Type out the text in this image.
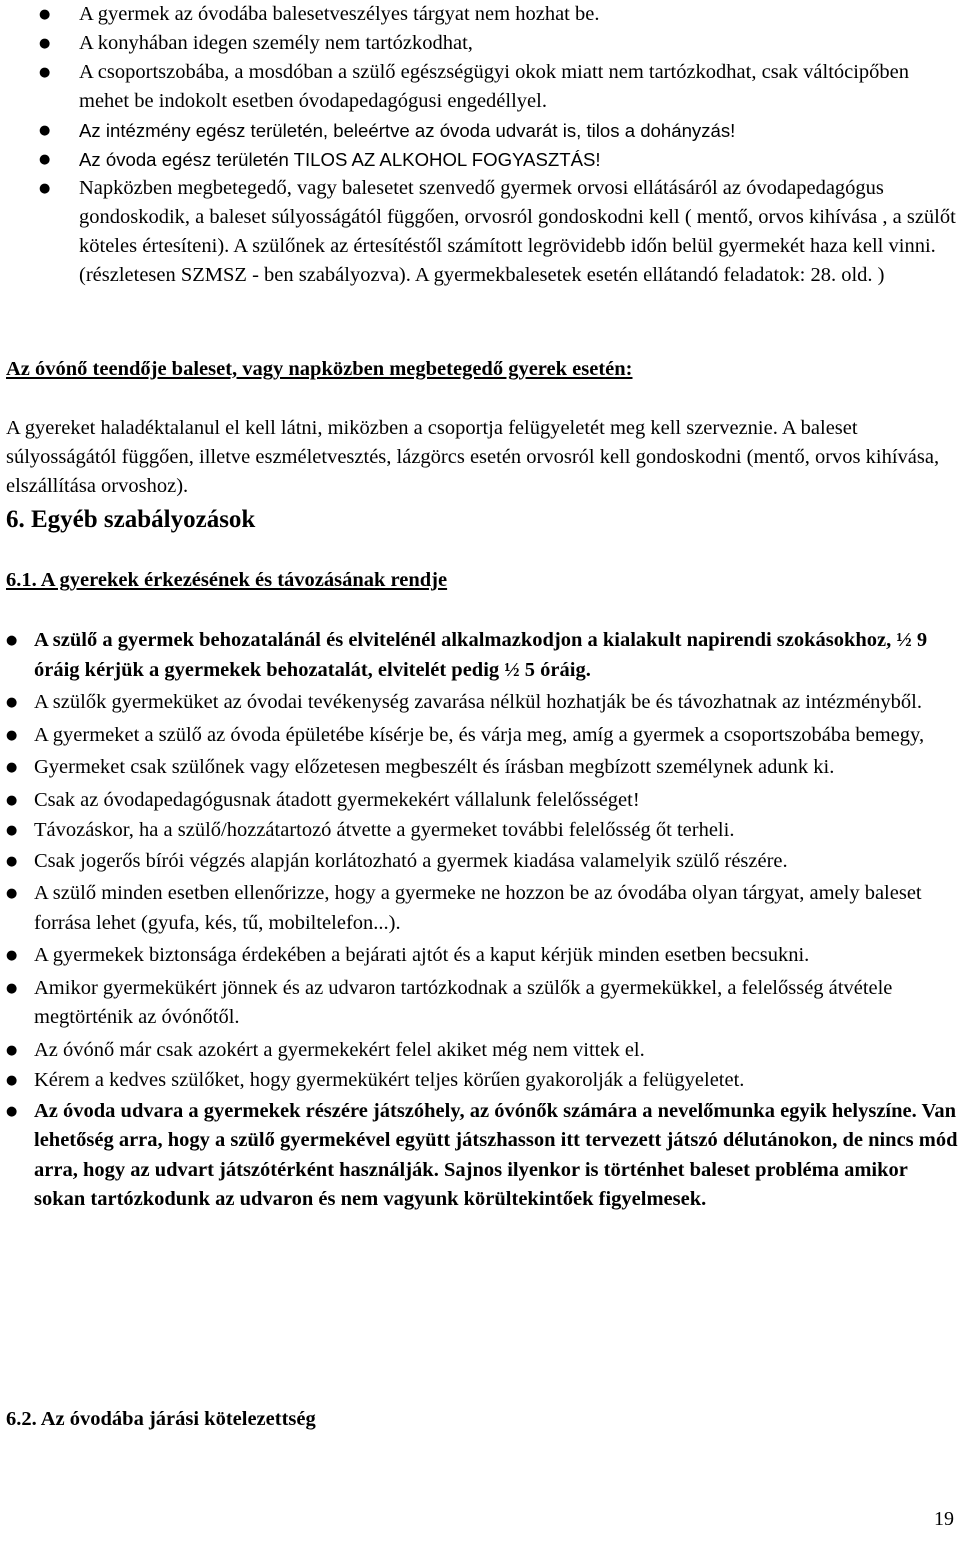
● A gyermek az óvodába balesetveszélyes tárgyat nem hozhat be.
● A konyhában idegen személy nem tartózkodhat,
● A csoportszobába, a mosdóban a szülő egészségügyi okok miatt nem tartózkodhat, csak váltócipőben mehet be indokolt esetben óvodapedagógusi engedéllyel.
● Az intézmény egész területén, beleértve az óvoda udvarát is, tilos a dohányzás!
● Az óvoda egész területén TILOS AZ ALKOHOL FOGYASZTÁS!
● Napközben megbetegedő, vagy balesetet szenvedő gyermek orvosi ellátásáról az óvodapedagógus gondoskodik, a baleset súlyosságától függően, orvosról gondoskodni kell ( mentő, orvos kihívása , a szülőt köteles értesíteni). A szülőnek az értesítéstől számított legrövidebb időn belül gyermekét haza kell vinni. (részletesen SZMSZ - ben szabályozva). A gyermekbalesetek esetén ellátandó feladatok: 28. old. )
Az óvónő teendője baleset, vagy napközben megbetegedő gyerek esetén:
A gyereket haladéktalanul el kell látni, miközben a csoportja felügyeletét meg kell szerveznie. A baleset súlyosságától függően, illetve eszméletvesztés, lázgörcs esetén orvosról kell gondoskodni (mentő, orvos kihívása, elszállítása orvoshoz).
6. Egyéb szabályozások
6.1. A gyerekek érkezésének és távozásának rendje
● A szülő a gyermek behozatalánál és elvitelénél alkalmazkodjon a kialakult napirendi szokásokhoz, ½ 9 óráig kérjük a gyermekek behozatalát, elvitelét pedig ½ 5 óráig.
● A szülők gyermeküket az óvodai tevékenység zavarása nélkül hozhatják be és távozhatnak az intézményből.
● A gyermeket a szülő az óvoda épületébe kísérje be, és várja meg, amíg a gyermek a csoportszobába bemegy,
● Gyermeket csak szülőnek vagy előzetesen megbeszélt és írásban megbízott személynek adunk ki.
● Csak az óvodapedagógusnak átadott gyermekekért vállalunk felelősséget!
● Távozáskor, ha a szülő/hozzátartozó átvette a gyermeket további felelősség őt terheli.
● Csak jogerős bírói végzés alapján korlátozható a gyermek kiadása valamelyik szülő részére.
● A szülő minden esetben ellenőrizze, hogy a gyermeke ne hozzon be az óvodába olyan tárgyat, amely baleset forrása lehet (gyufa, kés, tű, mobiltelefon...).
● A gyermekek biztonsága érdekében a bejárati ajtót és a kaput kérjük minden esetben becsukni.
● Amikor gyermekükért jönnek és az udvaron tartózkodnak a szülők a gyermekükkel, a felelősség átvétele megtörténik az óvónőtől.
● Az óvónő már csak azokért a gyermekekért felel akiket még nem vittek el.
● Kérem a kedves szülőket, hogy gyermekükért teljes körűen gyakorolják a felügyeletet.
● Az óvoda udvara a gyermekek részére játszóhely, az óvónők számára a nevelőmunka egyik helyszíne. Van lehetőség arra, hogy a szülő gyermekével együtt játszhasson itt tervezett játszó délutánokon, de nincs mód arra, hogy az udvart játszótérként használják. Sajnos ilyenkor is történhet baleset probléma amikor sokan tartózkodunk az udvaron és nem vagyunk körültekintőek figyelmesek.
6.2. Az óvodába járási kötelezettség
19
